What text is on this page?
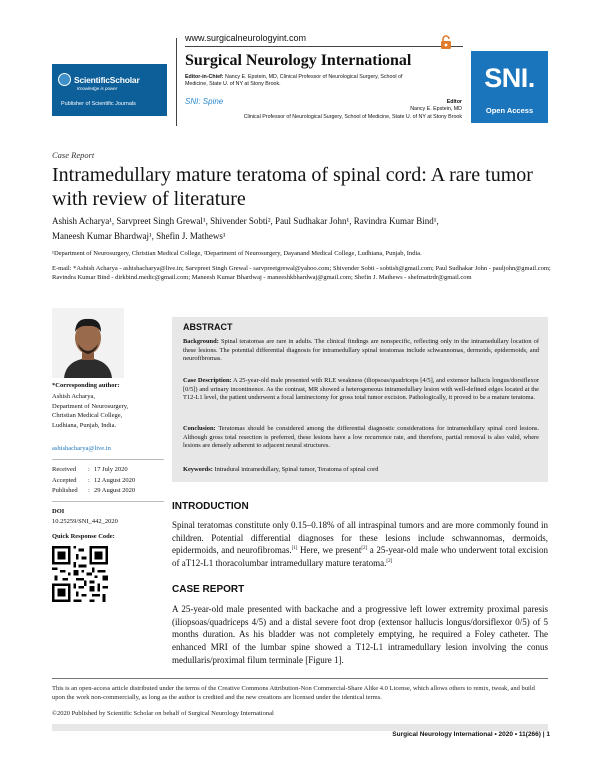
ScientificScholar
Knowledge is power
Publisher of Scientific Journals
www.surgicalneurologyint.com
Surgical Neurology International
Editor-in-Chief: Nancy E. Epstein, MD, Clinical Professor of Neurological Surgery, School of Medicine, State U. of NY at Stony Brook.
SNI: Spine	Editor
Nancy E. Epstein, MD
Clinical Professor of Neurological Surgery, School of Medicine, State U. of NY at Stony Brook
SNI.
Open Access
Case Report
Intramedullary mature teratoma of spinal cord: A rare tumor with review of literature
Ashish Acharya¹, Sarvpreet Singh Grewal¹, Shivender Sobti², Paul Sudhakar John¹, Ravindra Kumar Bind¹,
Maneesh Kumar Bhardwaj¹, Shefin J. Mathews¹
¹Department of Neurosurgery, Christian Medical College, ²Department of Neurosurgery, Dayanand Medical College, Ludhiana, Punjab, India.
E-mail: *Ashish Acharya - ashishacharya@live.in; Sarvpreet Singh Grewal - sarvpreetgrewal@yahoo.com; Shivender Sobti - sobtish@gmail.com; Paul Sudhakar John - pauljohn@gmail.com; Ravindra Kumar Bind - dirkbind.medic@gmail.com; Maneesh Kumar Bhardwaj - maneeshkbhardwaj@gmail.com; Shefin J. Mathews - shefmattrdr@gmail.com
*Corresponding author:
Ashish Acharya,
Department of Neurosurgery,
Christian Medical College,
Ludhiana, Punjab, India.
ashishacharya@live.in
Received	: 17 July 2020
Accepted	: 12 August 2020
Published	: 29 August 2020
DOI
10.25259/SNI_442_2020
Quick Response Code:
ABSTRACT
Background: Spinal teratomas are rare in adults. The clinical findings are nonspecific, reflecting only in the intramedullary location of these lesions. The potential differential diagnosis for intramedullary spinal teratomas include schwannomas, dermoids, epidermoids, and neurofibromas.
Case Description: A 25-year-old male presented with RLE weakness (iliopsoas/quadriceps [4/5], and extensor hallucis longus/dorsiflexor [0/5]) and urinary incontinence. As the contrast, MR showed a heterogeneous intramedullary lesion with well-defined edges located at the T12-L1 level, the patient underwent a focal laminectomy for gross total tumor excision. Pathologically, it proved to be a mature teratoma.
Conclusion: Teratomas should be considered among the differential diagnostic considerations for intramedullary spinal cord lesions. Although gross total resection is preferred, these lesions have a low recurrence rate, and therefore, partial removal is also valid, where lesions are densely adherent to adjacent neural structures.
Keywords: Intradural intramedullary, Spinal tumor, Teratoma of spinal cord
INTRODUCTION
Spinal teratomas constitute only 0.15–0.18% of all intraspinal tumors and are more commonly found in children. Potential differential diagnoses for these lesions include schwannomas, dermoids, epidermoids, and neurofibromas.[1] Here, we present[2] a 25-year-old male who underwent total excision of aT12-L1 thoracolumbar intramedullary mature teratoma.[2]
CASE REPORT
A 25-year-old male presented with backache and a progressive left lower extremity proximal paresis (iliopsoas/quadriceps 4/5) and a distal severe foot drop (extensor hallucis longus/dorsiflexor 0/5) of 5 months duration. As his bladder was not completely emptying, he required a Foley catheter. The enhanced MRI of the lumbar spine showed a T12-L1 intramedullary lesion involving the conus medullaris/proximal filum terminale [Figure 1].
This is an open-access article distributed under the terms of the Creative Commons Attribution-Non Commercial-Share Alike 4.0 License, which allows others to remix, tweak, and build upon the work non-commercially, as long as the author is credited and the new creations are licensed under the identical terms.
©2020 Published by Scientific Scholar on behalf of Surgical Neurology International
Surgical Neurology International • 2020 • 11(266) | 1
